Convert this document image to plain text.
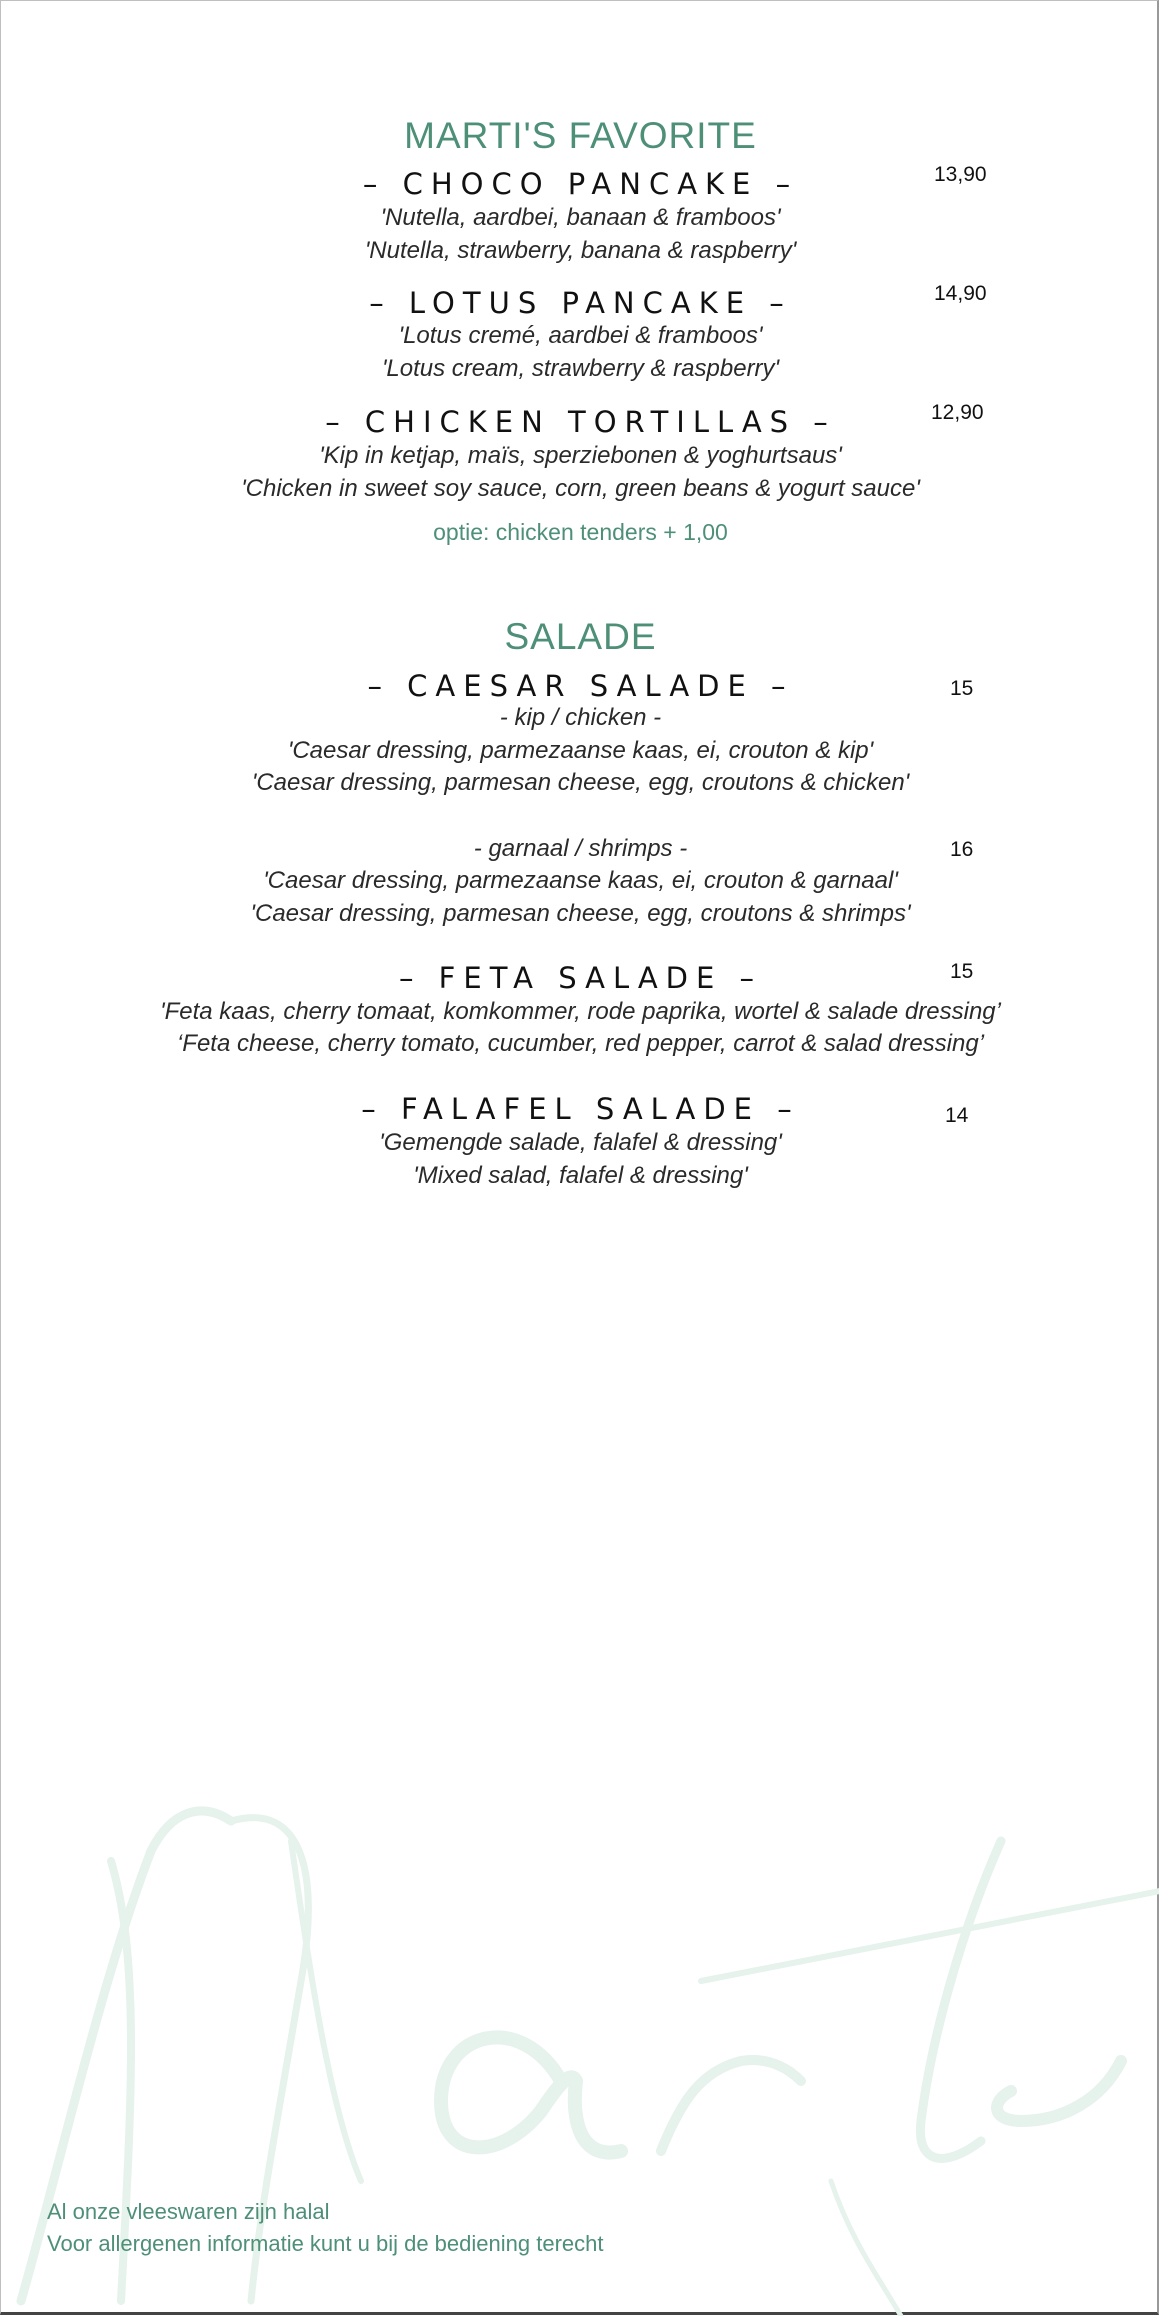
MARTI'S FAVORITE
– CHOCO PANCAKE –	13,90
'Nutella, aardbei, banaan & framboos'
'Nutella, strawberry, banana & raspberry'
– LOTUS PANCAKE –	14,90
'Lotus cremé, aardbei & framboos'
'Lotus cream, strawberry & raspberry'
– CHICKEN TORTILLAS –	12,90
'Kip in ketjap, maïs, sperziebonen & yoghurtsaus'
'Chicken in sweet soy sauce, corn, green beans & yogurt sauce'
optie: chicken tenders + 1,00
SALADE
– CAESAR SALADE –	15
- kip / chicken -
'Caesar dressing, parmezaanse kaas, ei, crouton & kip'
'Caesar dressing, parmesan cheese, egg, croutons & chicken'
- garnaal / shrimps -	16
'Caesar dressing, parmezaanse kaas, ei, crouton & garnaal'
'Caesar dressing, parmesan cheese, egg, croutons & shrimps'
– FETA SALADE –	15
'Feta kaas, cherry tomaat, komkommer, rode paprika, wortel & salade dressing’
‘Feta cheese, cherry tomato, cucumber, red pepper, carrot & salad dressing’
– FALAFEL SALADE –	14
'Gemengde salade, falafel & dressing'
'Mixed salad, falafel & dressing'
Al onze vleeswaren zijn halal
Voor allergenen informatie kunt u bij de bediening terecht
